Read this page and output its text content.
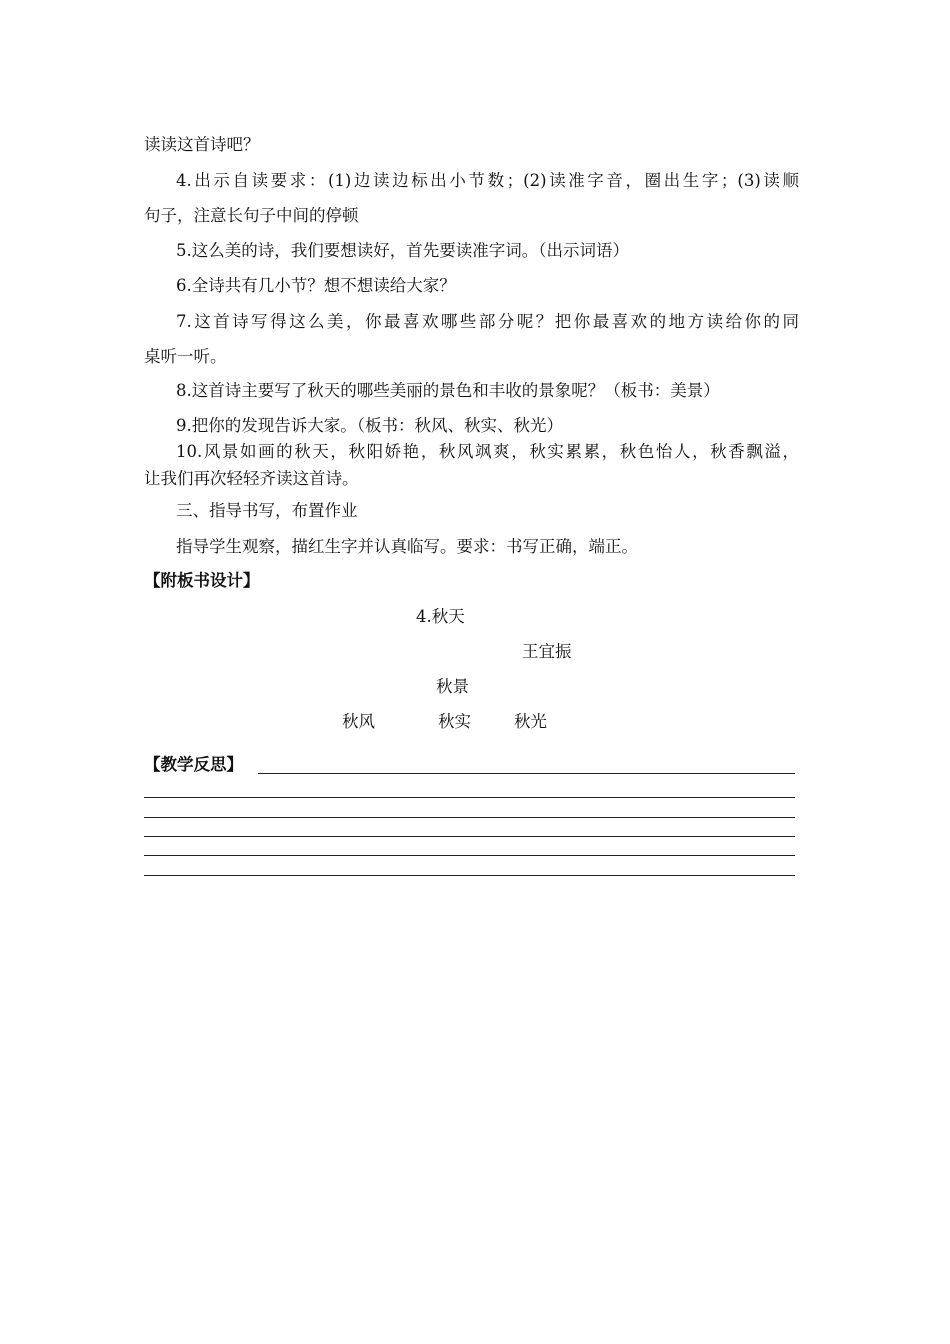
读读这首诗吧？
4.出示自读要求：(1)边读边标出小节数；(2)读准字音，圈出生字；(3)读顺
句子，注意长句子中间的停顿
5.这么美的诗，我们要想读好，首先要读准字词。（出示词语）
6.全诗共有几小节？想不想读给大家？
7.这首诗写得这么美，你最喜欢哪些部分呢？把你最喜欢的地方读给你的同
桌听一听。
8.这首诗主要写了秋天的哪些美丽的景色和丰收的景象呢？（板书：美景）
9.把你的发现告诉大家。（板书：秋风、秋实、秋光）
10.风景如画的秋天，秋阳娇艳，秋风飒爽，秋实累累，秋色怡人，秋香飘溢，
让我们再次轻轻齐读这首诗。
三、指导书写，布置作业
指导学生观察，描红生字并认真临写。要求：书写正确，端正。
【附板书设计】
4.秋天
王宜振
秋景
秋风	秋实	秋光
【教学反思】
